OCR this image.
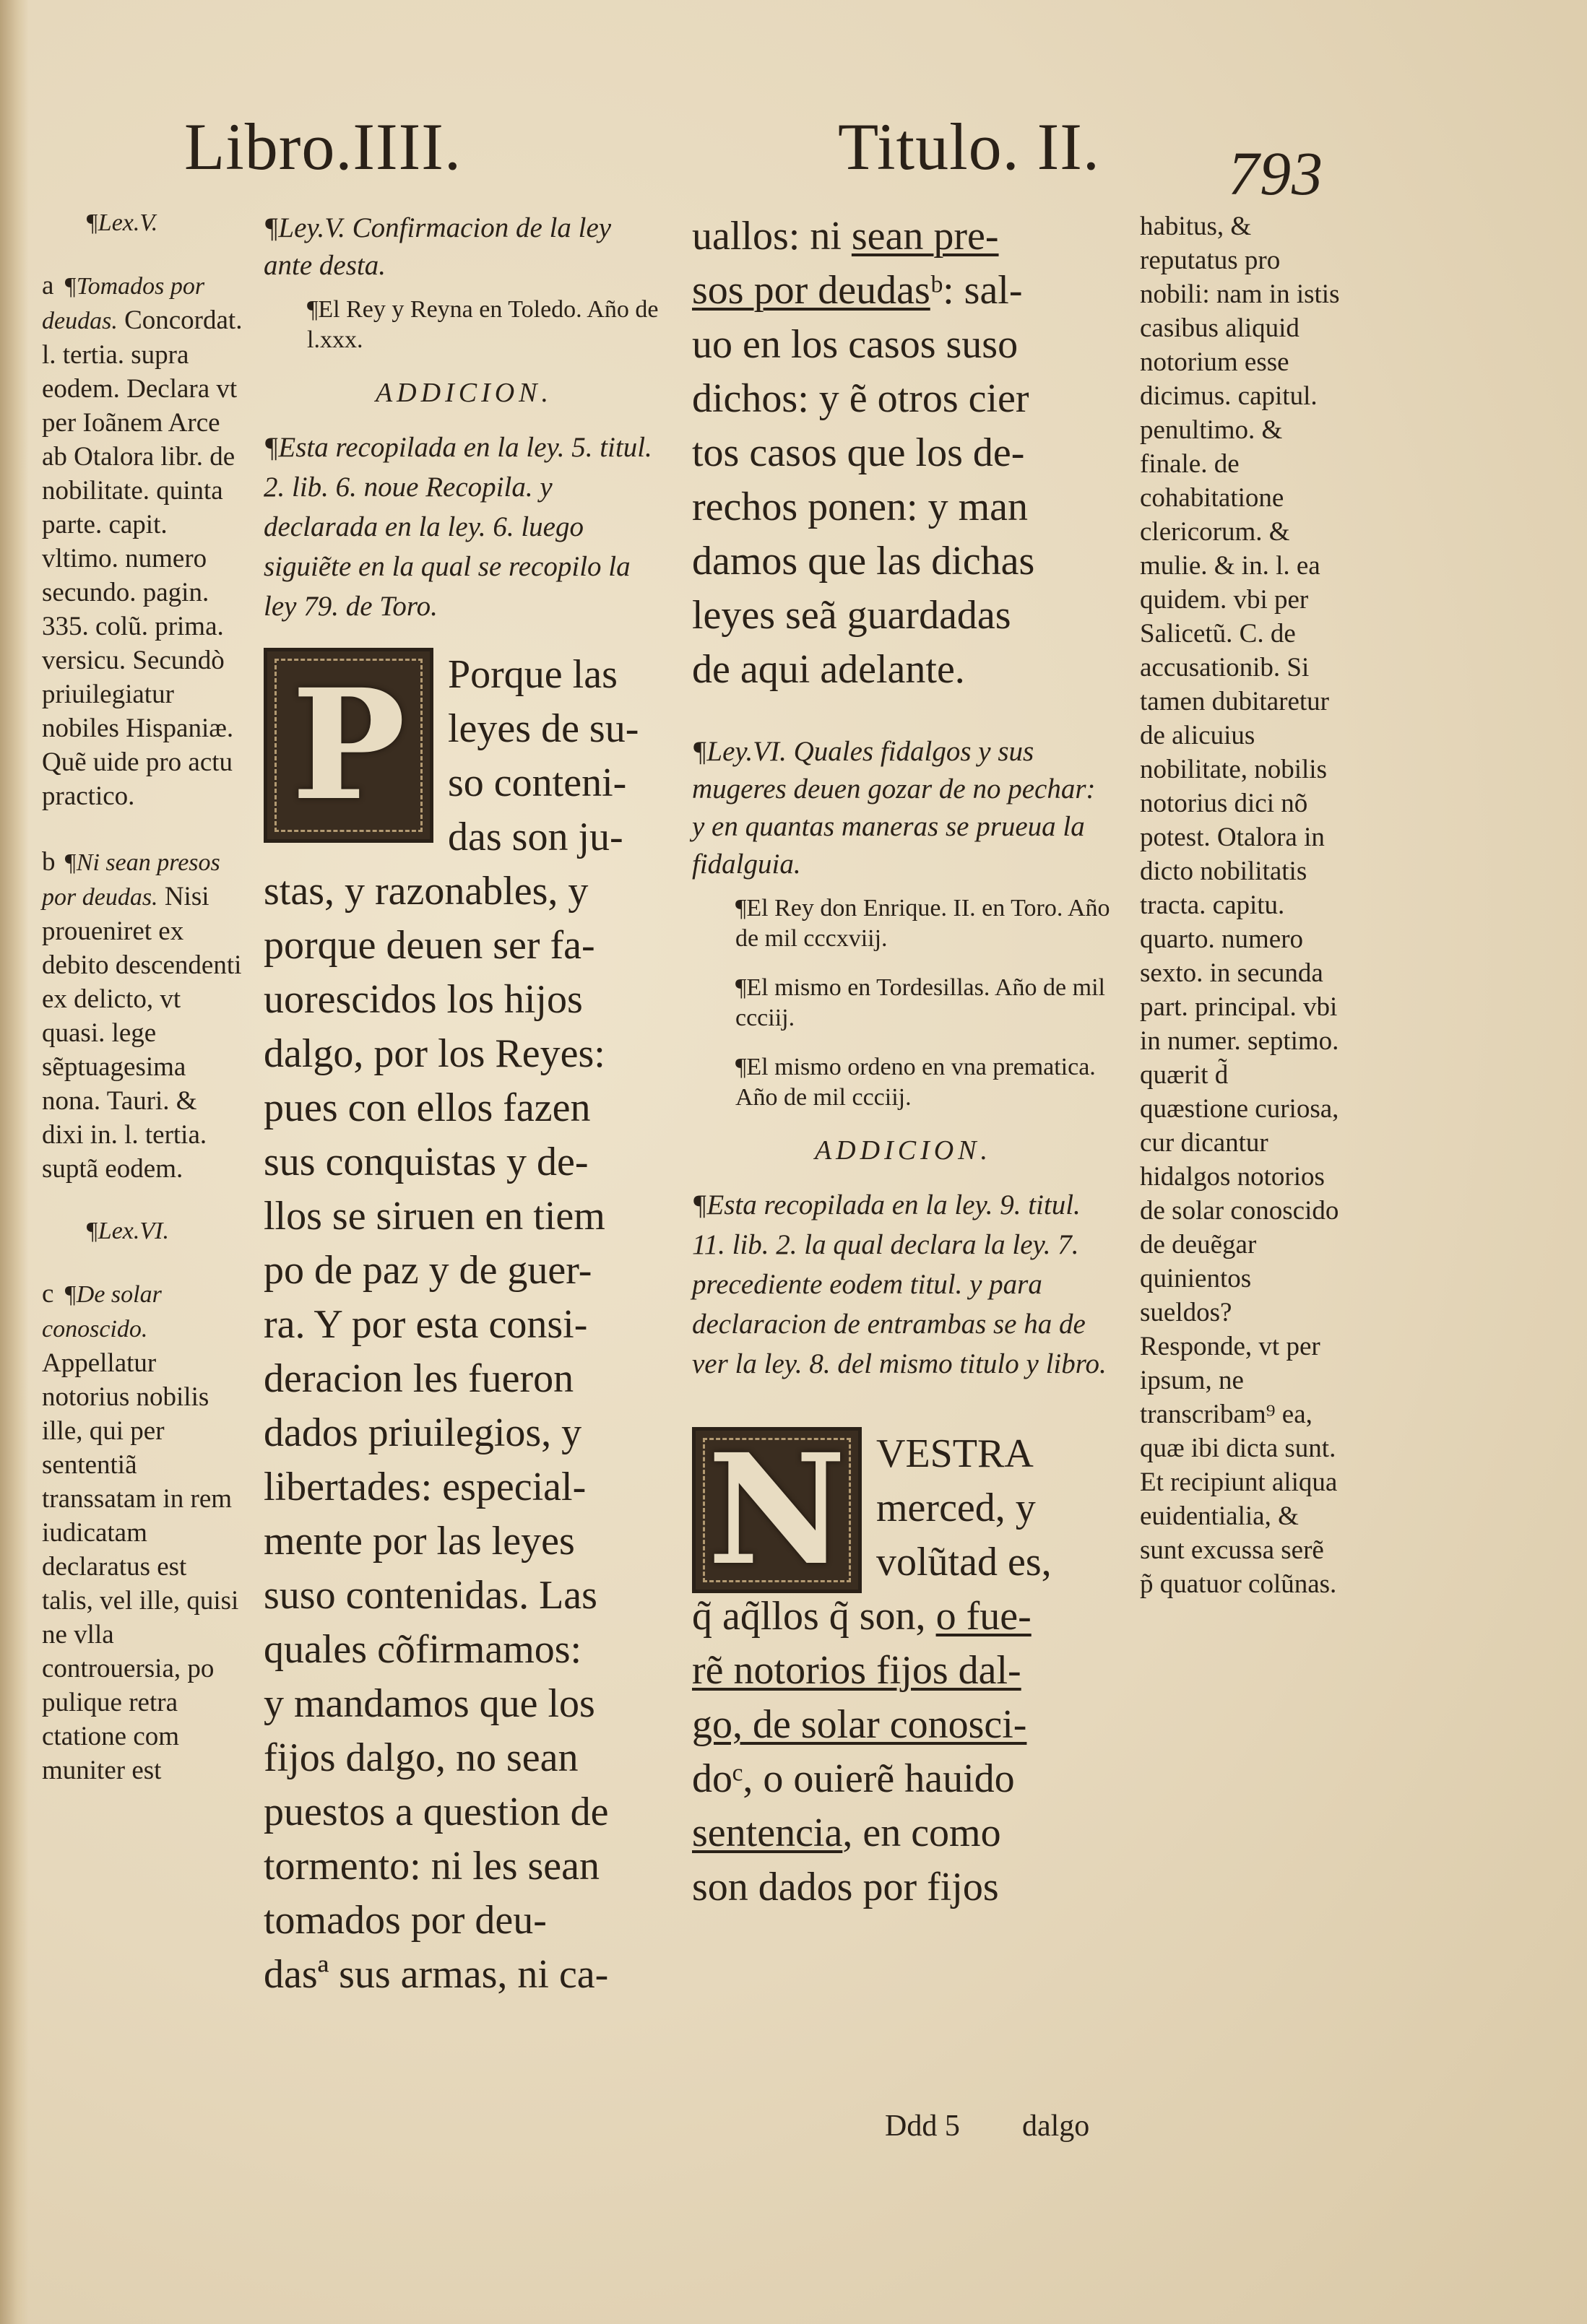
Libro.IIII.	Titulo. II. 793
¶Lex.V.

a ¶Tomados por deudas. Concordat. l. tertia. supra eodem. Declara vt per Ioãnem Arce ab Otalora libr. de nobilitate. quinta parte. capit. vltimo. numero secundo. pagin. 335. colũ. prima. versicu. Secundò priuilegiatur nobiles Hispaniæ. Quẽ uide pro actu practico.

b ¶Ni sean presos por deudas. Nisi proueniret ex debito descendenti ex delicto, vt quasi. lege sẽptuagesima nona. Tauri. & dixi in. l. tertia. suptã eodem.

¶Lex.VI.

c ¶De solar conoscido. Appellatur notorius nobilis ille, qui per sententiã transsatam in rem iudicatam declaratus est talis, vel ille, quisi ne vlla controuersia, po pulique retra ctatione com muniter est

¶Ley.V. Confirmacion de la ley ante desta.

¶El Rey y Reyna en Toledo. Año de l.xxx.

ADDICION.

¶Esta recopilada en la ley. 5. titul. 2. lib. 6. noue Recopila. y declarada en la ley. 6. luego siguiẽte en la qual se recopilo la ley 79. de Toro.

P	Porque las
leyes de su-
so conteni-
das son ju-

stas, y razonables, y
porque deuen ser fa-
uorescidos los hijos
dalgo, por los Reyes:
pues con ellos fazen
sus conquistas y de-
llos se siruen en tiem
po de paz y de guer-
ra. Y por esta consi-
deracion les fueron
dados priuilegios, y
libertades: especial-
mente por las leyes
suso contenidas. Las
quales cõfirmamos:
y mandamos que los
fijos dalgo, no sean
puestos a question de
tormento: ni les sean
tomados por deu-
dasª sus armas, ni ca-

uallos: ni sean pre-
sos por deudasᵇ: sal-
uo en los casos suso
dichos: y ẽ otros cier
tos casos que los de-
rechos ponen: y man
damos que las dichas
leyes seã guardadas
de aqui adelante.

¶Ley.VI. Quales fidalgos y sus mugeres deuen gozar de no pechar: y en quantas maneras se prueua la fidalguia.

¶El Rey don Enrique. II. en Toro. Año de mil cccxviij.

¶El mismo en Tordesillas. Año de mil ccciij.

¶El mismo ordeno en vna prematica. Año de mil ccciij.

ADDICION.

¶Esta recopilada en la ley. 9. titul. 11. lib. 2. la qual declara la ley. 7. precediente eodem titul. y para declaracion de entrambas se ha de ver la ley. 8. del mismo titulo y libro.

N VESTRA
merced, y
volũtad es,

q̃ aq̃llos q̃ son, o fue-
rẽ notorios fijos dal-
go, de solar conosci-
doᶜ, o ouierẽ hauido
sentencia, en como
son dados por fijos

habitus, & reputatus pro nobili: nam in istis casibus aliquid notorium esse dicimus. capitul. penultimo. & finale. de cohabitatione clericorum. & mulie. & in. l. ea quidem. vbi per Salicetũ. C. de accusationib. Si tamen dubitaretur de alicuius nobilitate, nobilis notorius dici nõ potest. Otalora in dicto nobilitatis tracta. capitu. quarto. numero sexto. in secunda part. principal. vbi in numer. septimo. quærit d̃ quæstione curiosa, cur dicantur hidalgos notorios de solar conoscido de deuẽgar quinientos sueldos? Responde, vt per ipsum, ne transcribam⁹ ea, quæ ibi dicta sunt. Et recipiunt aliqua euidentialia, & sunt excussa serẽ p̃ quatuor colũnas.

Ddd 5 dalgo
